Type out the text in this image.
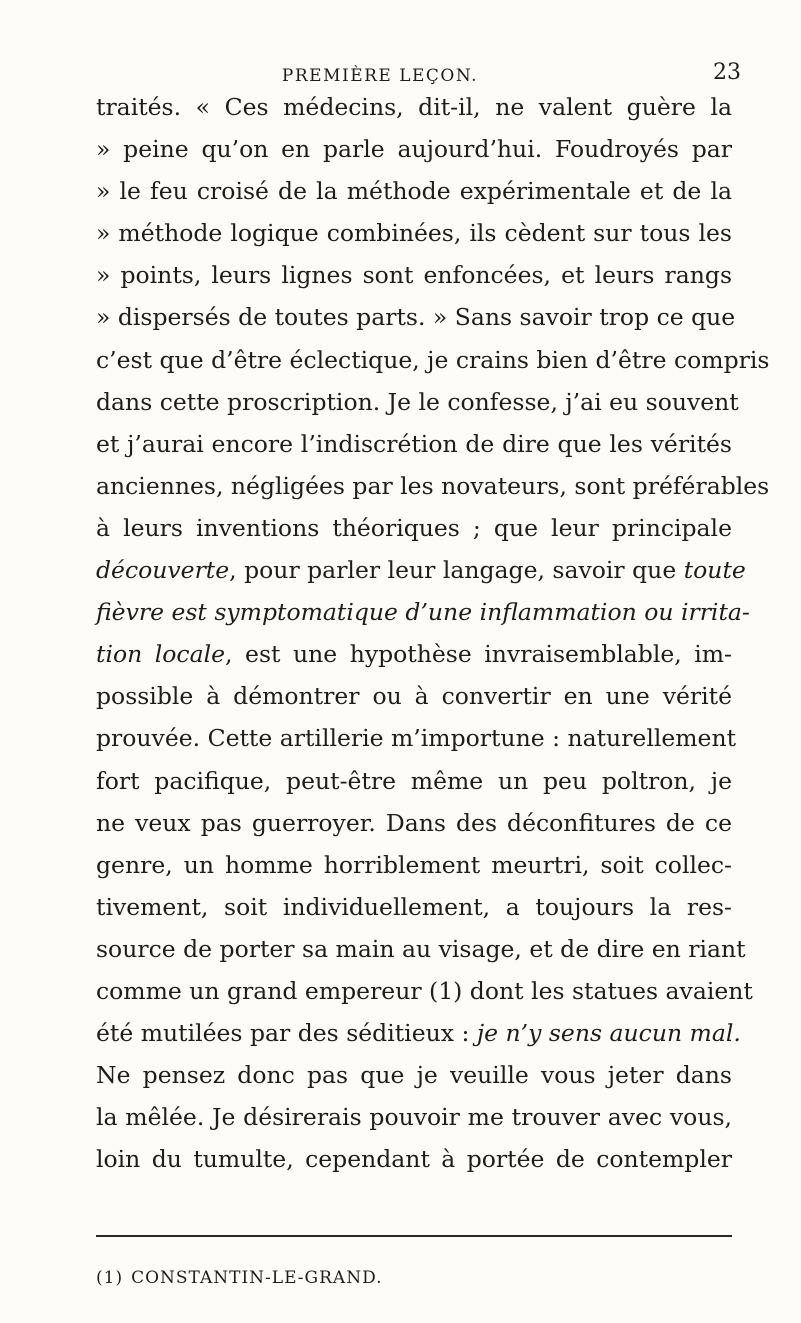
PREMIÈRE LEÇON.	23
traités. « Ces médecins, dit-il, ne valent guère la
» peine qu’on en parle aujourd’hui. Foudroyés par
» le feu croisé de la méthode expérimentale et de la
» méthode logique combinées, ils cèdent sur tous les
» points, leurs lignes sont enfoncées, et leurs rangs
» dispersés de toutes parts. » Sans savoir trop ce que
c’est que d’être éclectique, je crains bien d’être compris
dans cette proscription. Je le confesse, j’ai eu souvent
et j’aurai encore l’indiscrétion de dire que les vérités
anciennes, négligées par les novateurs, sont préférables
à leurs inventions théoriques ; que leur principale
découverte, pour parler leur langage, savoir que toute
fièvre est symptomatique d’une inflammation ou irrita-
tion locale, est une hypothèse invraisemblable, im-
possible à démontrer ou à convertir en une vérité
prouvée. Cette artillerie m’importune : naturellement
fort pacifique, peut-être même un peu poltron, je
ne veux pas guerroyer. Dans des déconfitures de ce
genre, un homme horriblement meurtri, soit collec-
tivement, soit individuellement, a toujours la res-
source de porter sa main au visage, et de dire en riant
comme un grand empereur (1) dont les statues avaient
été mutilées par des séditieux : je n’y sens aucun mal.
Ne pensez donc pas que je veuille vous jeter dans
la mêlée. Je désirerais pouvoir me trouver avec vous,
loin du tumulte, cependant à portée de contempler
(1) CONSTANTIN-LE-GRAND.
